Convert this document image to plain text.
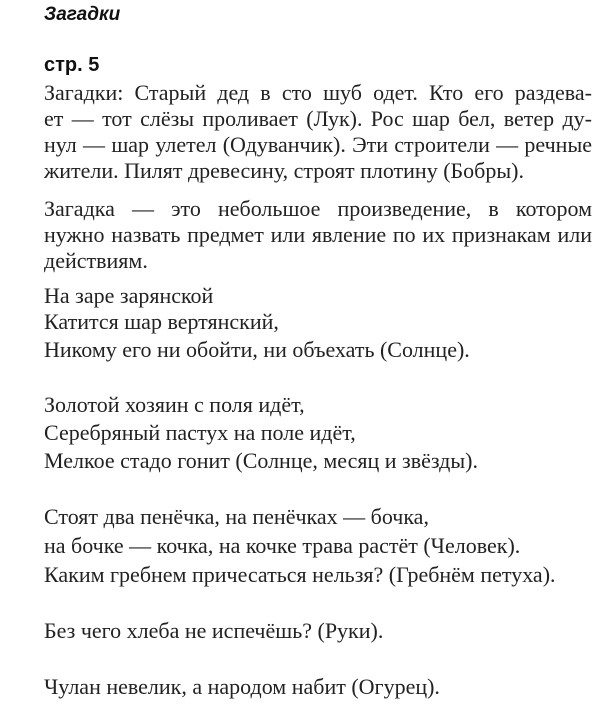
Загадки
стр. 5
Загадки: Старый дед в сто шуб одет. Кто его раздева-
ет — тот слёзы проливает (Лук). Рос шар бел, ветер ду-
нул — шар улетел (Одуванчик). Эти строители — речные
жители. Пилят древесину, строят плотину (Бобры).
Загадка — это небольшое произведение, в котором
нужно назвать предмет или явление по их признакам или
действиям.
На заре зарянской
Катится шар вертянский,
Никому его ни обойти, ни объехать (Солнце).
Золотой хозяин с поля идёт,
Серебряный пастух на поле идёт,
Мелкое стадо гонит (Солнце, месяц и звёзды).
Стоят два пенёчка, на пенёчках — бочка,
на бочке — кочка, на кочке трава растёт (Человек).
Каким гребнем причесаться нельзя? (Гребнём петуха).
Без чего хлеба не испечёшь? (Руки).
Чулан невелик, а народом набит (Огурец).
